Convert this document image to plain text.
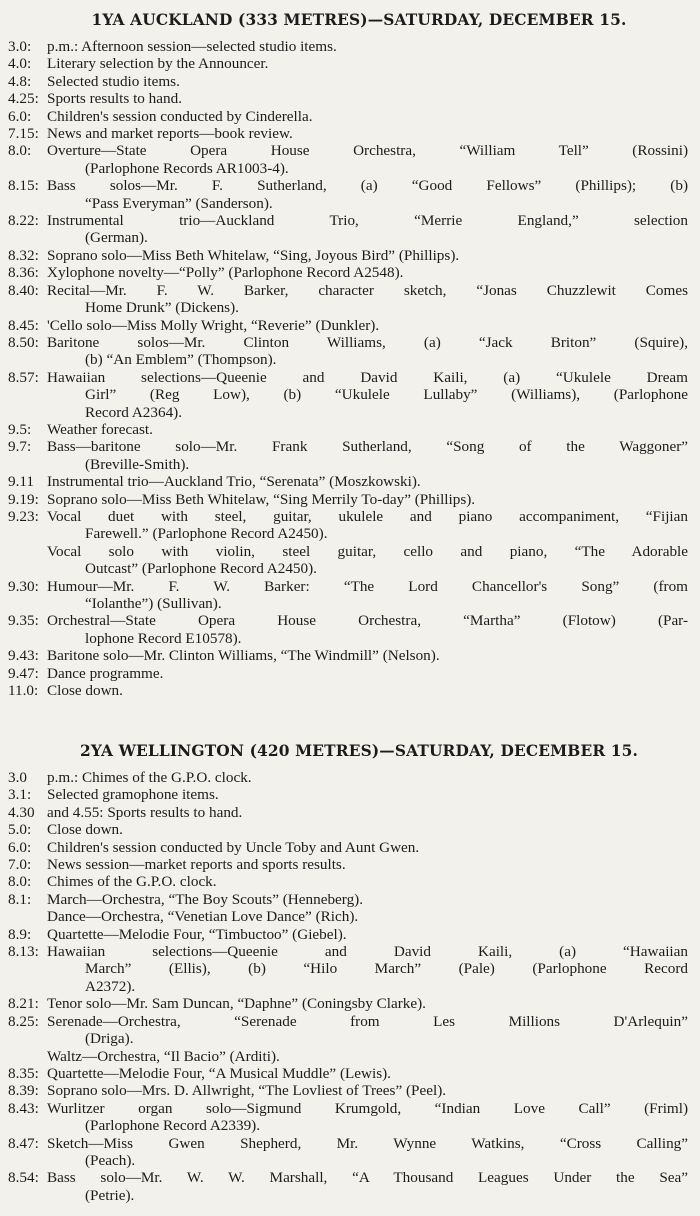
1YA AUCKLAND (333 METRES)—SATURDAY, DECEMBER 15.
3.0:	p.m.: Afternoon session—selected studio items.
4.0:	Literary selection by the Announcer.
4.8:	Selected studio items.
4.25: Sports results to hand.
6.0:	Children's session conducted by Cinderella.
7.15: News and market reports—book review.
8.0:	Overture—State Opera House Orchestra, “William Tell” (Rossini)
(Parlophone Records AR1003-4).
8.15: Bass solos—Mr. F. Sutherland, (a) “Good Fellows” (Phillips); (b)
“Pass Everyman” (Sanderson).
8.22: Instrumental trio—Auckland Trio, “Merrie England,” selection
(German).
8.32: Soprano solo—Miss Beth Whitelaw, “Sing, Joyous Bird” (Phillips).
8.36: Xylophone novelty—“Polly” (Parlophone Record A2548).
8.40: Recital—Mr. F. W. Barker, character sketch, “Jonas Chuzzlewit Comes
Home Drunk” (Dickens).
8.45: 'Cello solo—Miss Molly Wright, “Reverie” (Dunkler).
8.50: Baritone solos—Mr. Clinton Williams, (a) “Jack Briton” (Squire),
(b) “An Emblem” (Thompson).
8.57: Hawaiian selections—Queenie and David Kaili, (a) “Ukulele Dream
Girl” (Reg Low), (b) “Ukulele Lullaby” (Williams), (Parlophone
Record A2364).
9.5:	Weather forecast.
9.7:	Bass—baritone solo—Mr. Frank Sutherland, “Song of the Waggoner”
(Breville-Smith).
9.11 Instrumental trio—Auckland Trio, “Serenata” (Moszkowski).
9.19: Soprano solo—Miss Beth Whitelaw, “Sing Merrily To-day” (Phillips).
9.23: Vocal duet with steel, guitar, ukulele and piano accompaniment, “Fijian
Farewell.” (Parlophone Record A2450).
Vocal solo with violin, steel guitar, cello and piano, “The Adorable
Outcast” (Parlophone Record A2450).
9.30: Humour—Mr. F. W. Barker: “The Lord Chancellor's Song” (from
“Iolanthe”) (Sullivan).
9.35: Orchestral—State Opera House Orchestra, “Martha” (Flotow) (Par-
lophone Record E10578).
9.43: Baritone solo—Mr. Clinton Williams, “The Windmill” (Nelson).
9.47: Dance programme.
11.0: Close down.
2YA WELLINGTON (420 METRES)—SATURDAY, DECEMBER 15.
3.0	p.m.: Chimes of the G.P.O. clock.
3.1:	Selected gramophone items.
4.30 and 4.55: Sports results to hand.
5.0:	Close down.
6.0:	Children's session conducted by Uncle Toby and Aunt Gwen.
7.0:	News session—market reports and sports results.
8.0:	Chimes of the G.P.O. clock.
8.1:	March—Orchestra, “The Boy Scouts” (Henneberg).
Dance—Orchestra, “Venetian Love Dance” (Rich).
8.9:	Quartette—Melodie Four, “Timbuctoo” (Giebel).
8.13: Hawaiian selections—Queenie and David Kaili, (a) “Hawaiian
March” (Ellis), (b) “Hilo March” (Pale) (Parlophone Record
A2372).
8.21: Tenor solo—Mr. Sam Duncan, “Daphne” (Coningsby Clarke).
8.25: Serenade—Orchestra, “Serenade from Les Millions D'Arlequin”
(Driga).
Waltz—Orchestra, “Il Bacio” (Arditi).
8.35: Quartette—Melodie Four, “A Musical Muddle” (Lewis).
8.39: Soprano solo—Mrs. D. Allwright, “The Lovliest of Trees” (Peel).
8.43: Wurlitzer organ solo—Sigmund Krumgold, “Indian Love Call” (Friml)
(Parlophone Record A2339).
8.47: Sketch—Miss Gwen Shepherd, Mr. Wynne Watkins, “Cross Calling”
(Peach).
8.54: Bass solo—Mr. W. W. Marshall, “A Thousand Leagues Under the Sea”
(Petrie).
